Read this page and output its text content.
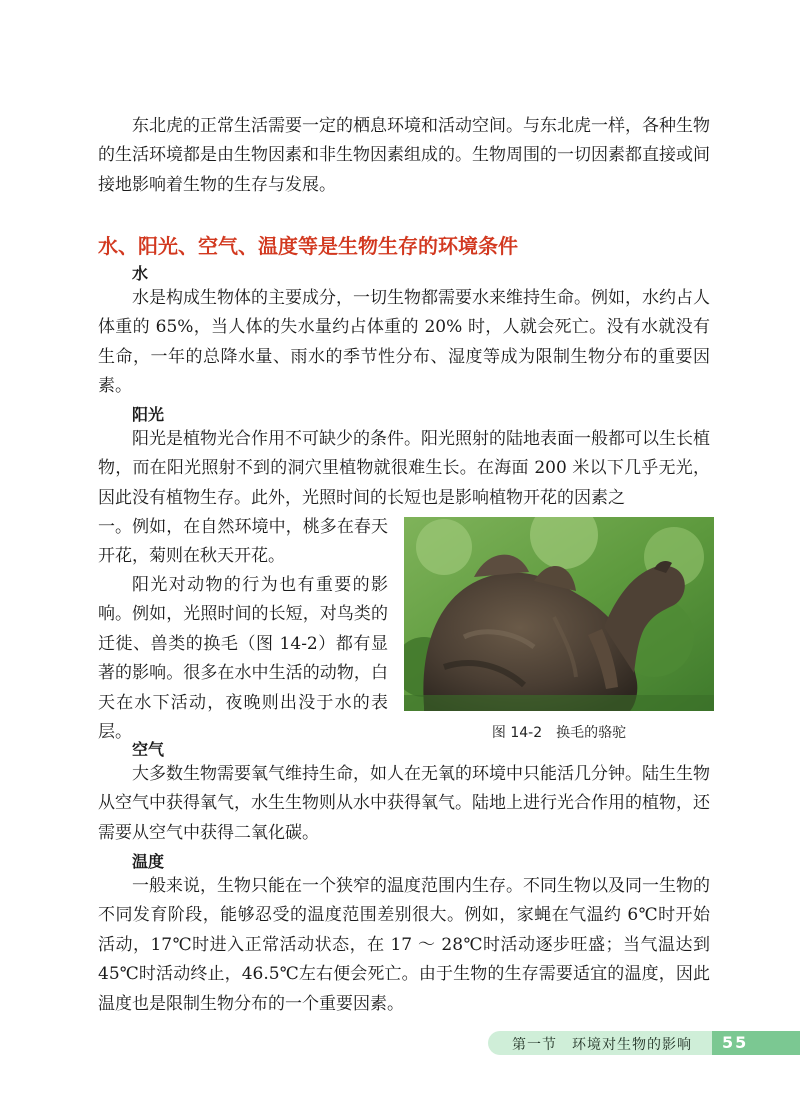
东北虎的正常生活需要一定的栖息环境和活动空间。与东北虎一样，各种生物的生活环境都是由生物因素和非生物因素组成的。生物周围的一切因素都直接或间接地影响着生物的生存与发展。

水、阳光、空气、温度等是生物生存的环境条件
水

水是构成生物体的主要成分，一切生物都需要水来维持生命。例如，水约占人体重的 65%，当人体的失水量约占体重的 20% 时，人就会死亡。没有水就没有生命，一年的总降水量、雨水的季节性分布、湿度等成为限制生物分布的重要因素。

阳光

阳光是植物光合作用不可缺少的条件。阳光照射的陆地表面一般都可以生长植物，而在阳光照射不到的洞穴里植物就很难生长。在海面 200 米以下几乎无光，因此没有植物生存。此外，光照时间的长短也是影响植物开花的因素之

一。例如，在自然环境中，桃多在春天开花，菊则在秋天开花。

阳光对动物的行为也有重要的影响。例如，光照时间的长短，对鸟类的迁徙、兽类的换毛（图 14-2）都有显著的影响。很多在水中生活的动物，白天在水下活动，夜晚则出没于水的表层。	图 14-2　换毛的骆驼
空气

大多数生物需要氧气维持生命，如人在无氧的环境中只能活几分钟。陆生生物从空气中获得氧气，水生生物则从水中获得氧气。陆地上进行光合作用的植物，还需要从空气中获得二氧化碳。

温度

一般来说，生物只能在一个狭窄的温度范围内生存。不同生物以及同一生物的不同发育阶段，能够忍受的温度范围差别很大。例如，家蝇在气温约 6℃时开始活动，17℃时进入正常活动状态，在 17 ～ 28℃时活动逐步旺盛；当气温达到 45℃时活动终止，46.5℃左右便会死亡。由于生物的生存需要适宜的温度，因此温度也是限制生物分布的一个重要因素。

第一节　环境对生物的影响	55
